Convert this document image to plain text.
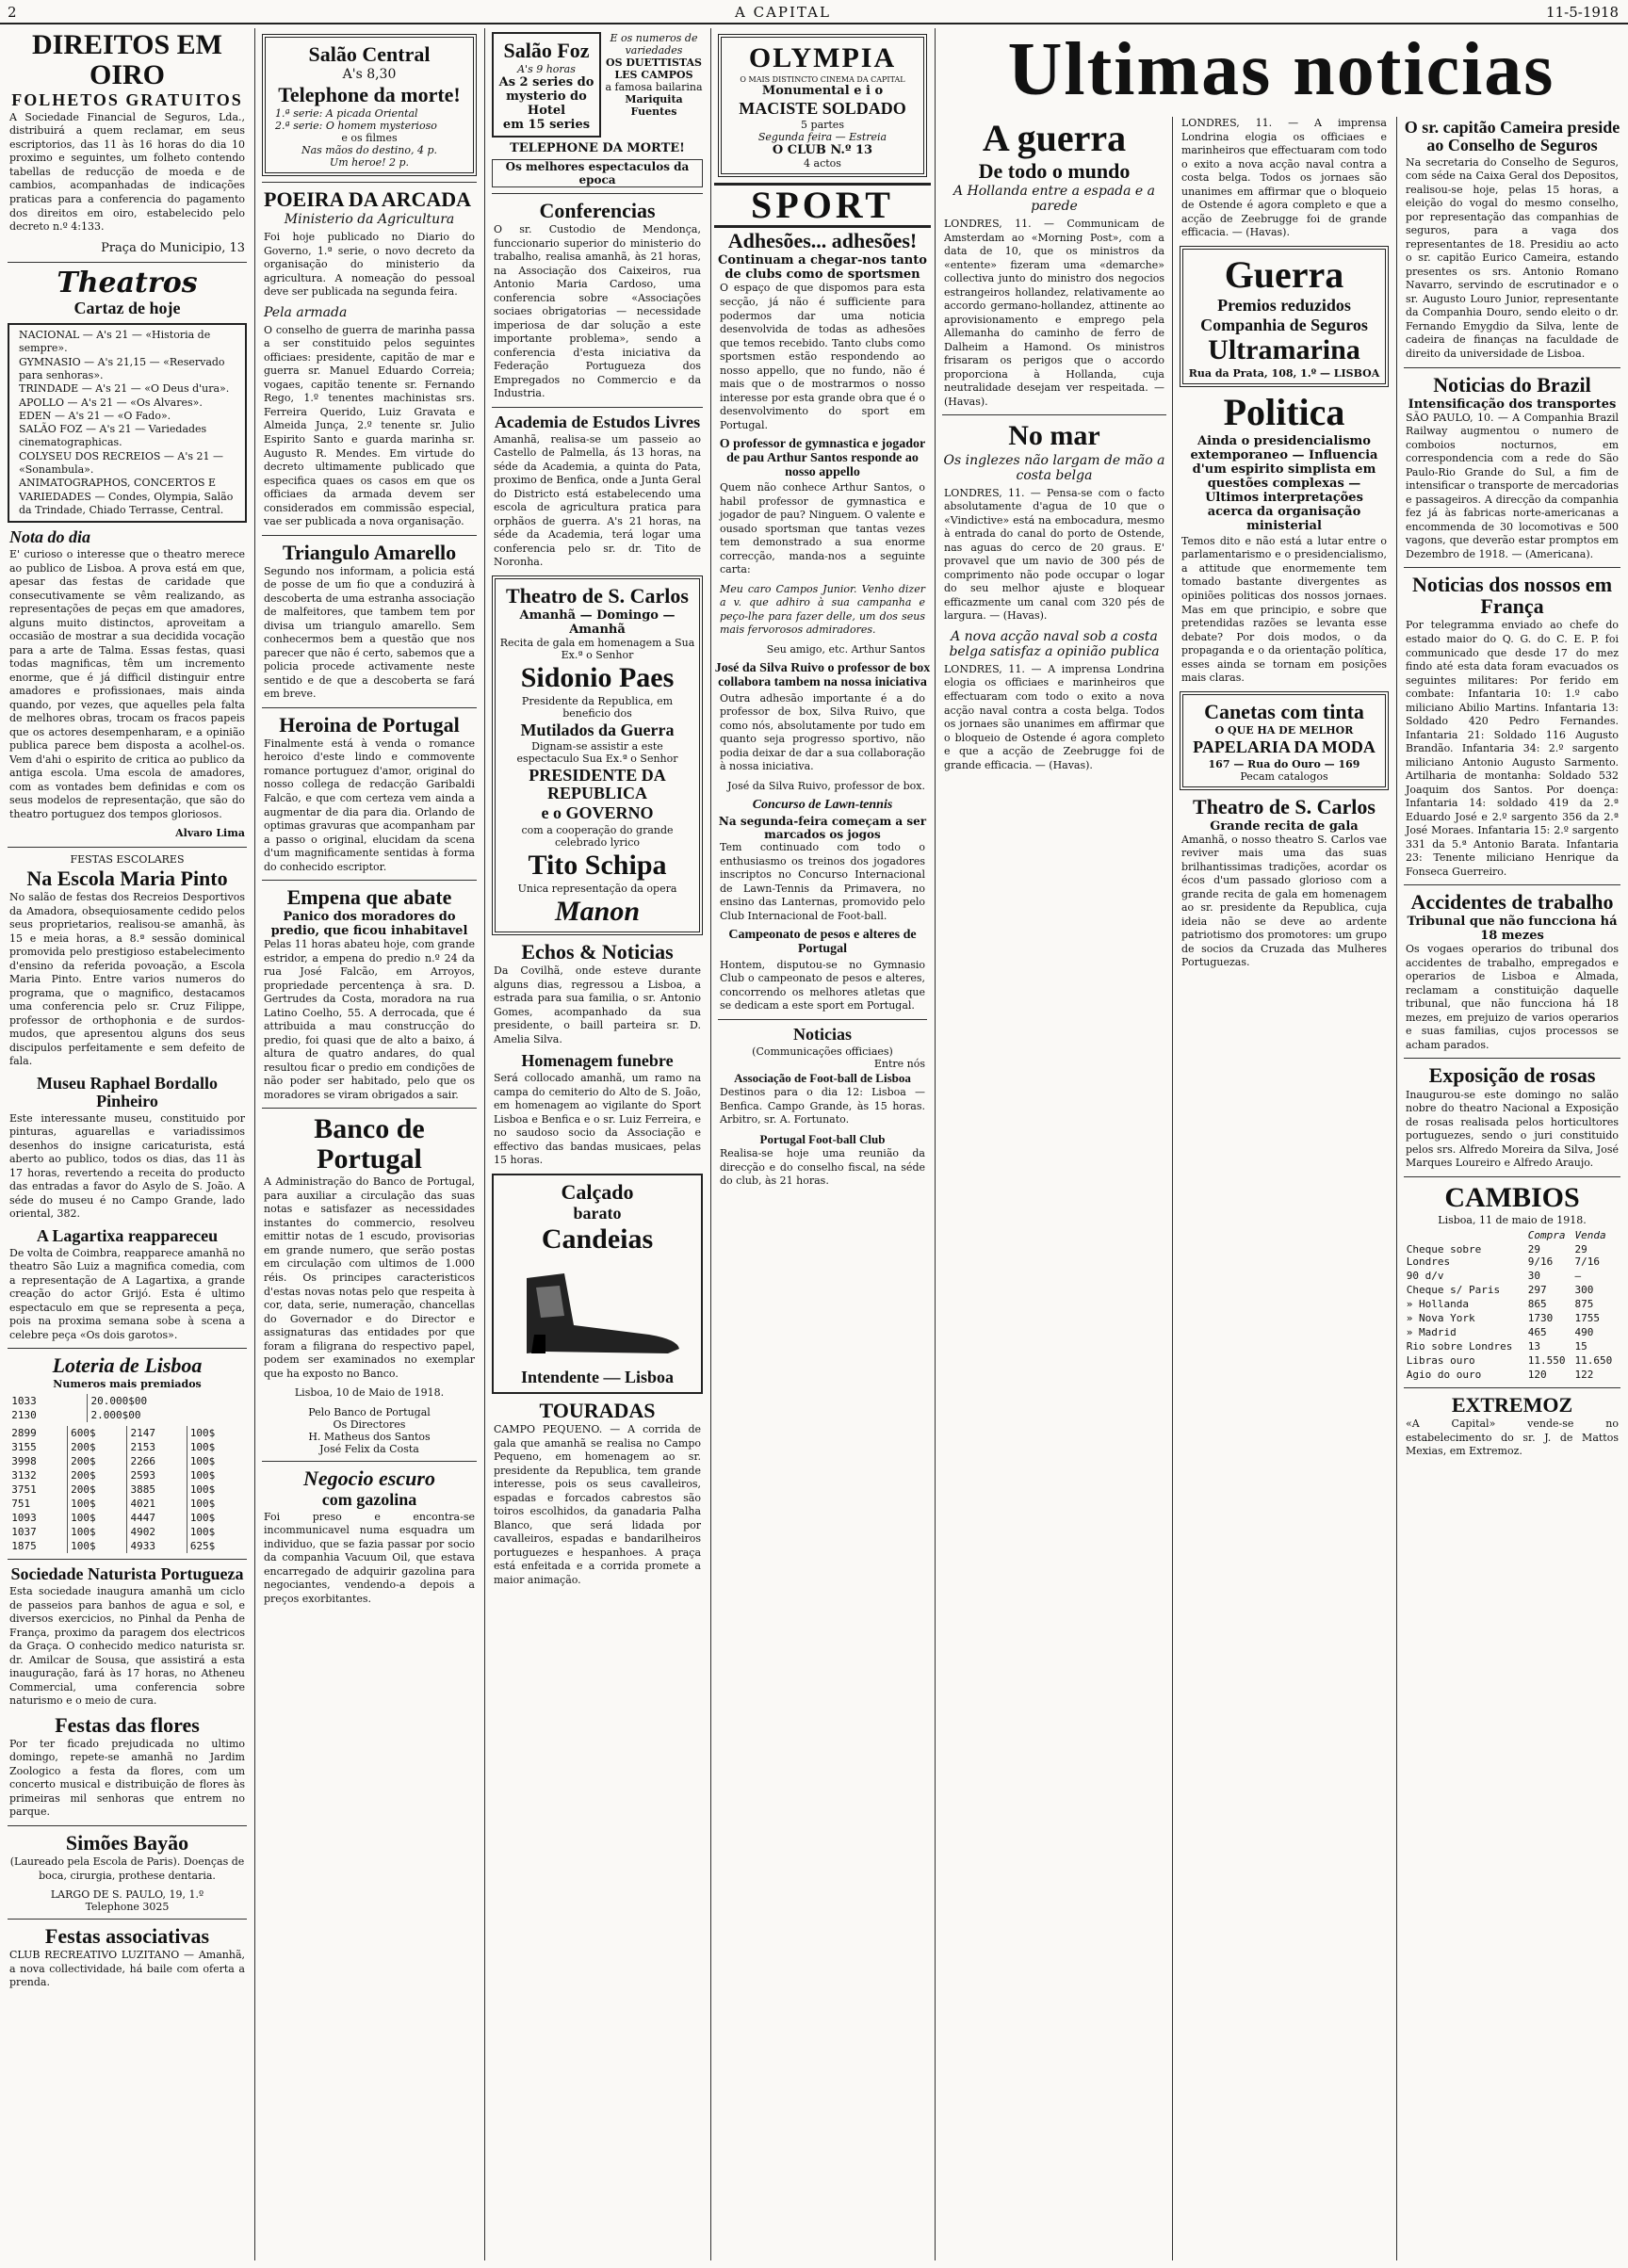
2	A CAPITAL	11-5-1918
DIREITOS EM OIRO
FOLHETOS GRATUITOS
A Sociedade Financial de Seguros, Lda., distribuirá a quem reclamar, em seus escriptorios, das 11 às 16 horas do dia 10 proximo e seguintes, um folheto contendo tabellas de reducção de moeda e de cambios, acompanhadas de indicações praticas para a conferencia do pagamento dos direitos em oiro, estabelecido pelo decreto n.º 4:133.
Praça do Municipio, 13
Theatros
Cartaz de hoje
NACIONAL — A's 21 — «Historia de sempre».
GYMNASIO — A's 21,15 — «Reservado para senhoras».
TRINDADE — A's 21 — «O Deus d'ura».
APOLLO — A's 21 — «Os Alvares».
EDEN — A's 21 — «O Fado».
SALÃO FOZ — A's 21 — Variedades cinematographicas.
COLYSEU DOS RECREIOS — A's 21 — «Sonambula».
ANIMATOGRAPHOS, CONCERTOS E VARIEDADES — Condes, Olympia, Salão da Trindade, Chiado Terrasse, Central.
Nota do dia
E' curioso o interesse que o theatro merece ao publico de Lisboa. A prova está em que, apesar das festas de caridade que consecutivamente se vêm realizando, as representações de peças em que amadores, alguns muito distinctos, aproveitam a occasião de mostrar a sua decidida vocação para a arte de Talma. Essas festas, quasi todas magnificas, têm um incremento enorme, que é já difficil distinguir entre amadores e profissionaes, mais ainda quando, por vezes, que aquelles pela falta de melhores obras, trocam os fracos papeis que os actores desempenharam, e a opinião publica parece bem disposta a acolhel-os. Vem d'ahi o espirito de critica ao publico da antiga escola. Uma escola de amadores, com as vontades bem definidas e com os seus modelos de representação, que são do theatro portuguez dos tempos gloriosos.
Alvaro Lima
FESTAS ESCOLARES
Na Escola Maria Pinto
No salão de festas dos Recreios Desportivos da Amadora, obsequiosamente cedido pelos seus proprietarios, realisou-se amanhã, às 15 e meia horas, a 8.ª sessão dominical promovida pelo prestigioso estabelecimento d'ensino da referida povoação, a Escola Maria Pinto. Entre varios numeros do programa, que o magnifico, destacamos uma conferencia pelo sr. Cruz Filippe, professor de orthophonia e de surdos-mudos, que apresentou alguns dos seus discipulos perfeitamente e sem defeito de fala.
Museu Raphael Bordallo Pinheiro
Este interessante museu, constituido por pinturas, aguarellas e variadissimos desenhos do insigne caricaturista, está aberto ao publico, todos os dias, das 11 às 17 horas, revertendo a receita do producto das entradas a favor do Asylo de S. João. A séde do museu é no Campo Grande, lado oriental, 382.
A Lagartixa reappareceu
De volta de Coimbra, reapparece amanhã no theatro São Luiz a magnifica comedia, com a representação de A Lagartixa, a grande creação do actor Grijó. Esta é ultimo espectaculo em que se representa a peça, pois na proxima semana sobe à scena a celebre peça «Os dois garotos».
Loteria de Lisboa
Numeros mais premiados
1033	20.000$00
2130	2.000$00
2899	600$	2147	100$
3155	200$	2153	100$
3998	200$	2266	100$
3132	200$	2593	100$
3751	200$	3885	100$
751	100$	4021	100$
1093	100$	4447	100$
1037	100$	4902	100$
1875	100$	4933	625$
Sociedade Naturista Portugueza
Esta sociedade inaugura amanhã um ciclo de passeios para banhos de agua e sol, e diversos exercicios, no Pinhal da Penha de França, proximo da paragem dos electricos da Graça. O conhecido medico naturista sr. dr. Amilcar de Sousa, que assistirá a esta inauguração, fará às 17 horas, no Atheneu Commercial, uma conferencia sobre naturismo e o meio de cura.
Festas das flores
Por ter ficado prejudicada no ultimo domingo, repete-se amanhã no Jardim Zoologico a festa da flores, com um concerto musical e distribuição de flores às primeiras mil senhoras que entrem no parque.
Simões Bayão
(Laureado pela Escola de Paris). Doenças de boca, cirurgia, prothese dentaria.
LARGO DE S. PAULO, 19, 1.º
Telephone 3025
Festas associativas
CLUB RECREATIVO LUZITANO — Amanhã, a nova collectividade, há baile com oferta a prenda.
Salão Central
A's 8,30
Telephone da morte!
1.ª serie: A picada Oriental
2.ª serie: O homem mysterioso
e os filmes
Nas mãos do destino, 4 p.
Um heroe! 2 p.
POEIRA DA ARCADA
Ministerio da Agricultura
Foi hoje publicado no Diario do Governo, 1.ª serie, o novo decreto da organisação do ministerio da agricultura. A nomeação do pessoal deve ser publicada na segunda feira.
Pela armada
O conselho de guerra de marinha passa a ser constituido pelos seguintes officiaes: presidente, capitão de mar e guerra sr. Manuel Eduardo Correia; vogaes, capitão tenente sr. Fernando Rego, 1.º tenentes machinistas srs. Ferreira Querido, Luiz Gravata e Almeida Junça, 2.º tenente sr. Julio Espirito Santo e guarda marinha sr. Augusto R. Mendes. Em virtude do decreto ultimamente publicado que especifica quaes os casos em que os officiaes da armada devem ser considerados em commissão especial, vae ser publicada a nova organisação.
Triangulo Amarello
Segundo nos informam, a policia está de posse de um fio que a conduzirá à descoberta de uma estranha associação de malfeitores, que tambem tem por divisa um triangulo amarello. Sem conhecermos bem a questão que nos parecer que não é certo, sabemos que a policia procede activamente neste sentido e de que a descoberta se fará em breve.
Heroina de Portugal
Finalmente está à venda o romance heroico d'este lindo e commovente romance portuguez d'amor, original do nosso collega de redacção Garibaldi Falcão, e que com certeza vem ainda a augmentar de dia para dia. Orlando de optimas gravuras que acompanham par a passo o original, elucidam da scena d'um magnificamente sentidas à forma do conhecido escriptor.
Empena que abate
Panico dos moradores do predio, que ficou inhabitavel
Pelas 11 horas abateu hoje, com grande estridor, a empena do predio n.º 24 da rua José Falcão, em Arroyos, propriedade percentença à sra. D. Gertrudes da Costa, moradora na rua Latino Coelho, 55. A derrocada, que é attribuida a mau construcção do predio, foi quasi que de alto a baixo, á altura de quatro andares, do qual resultou ficar o predio em condições de não poder ser habitado, pelo que os moradores se viram obrigados a sair.
Banco de Portugal
A Administração do Banco de Portugal, para auxiliar a circulação das suas notas e satisfazer as necessidades instantes do commercio, resolveu emittir notas de 1 escudo, provisorias em grande numero, que serão postas em circulação com ultimos de 1.000 réis. Os principes caracteristicos d'estas novas notas pelo que respeita à cor, data, serie, numeração, chancellas do Governador e do Director e assignaturas das entidades por que foram a filigrana do respectivo papel, podem ser examinados no exemplar que ha exposto no Banco.
Lisboa, 10 de Maio de 1918.
Pelo Banco de Portugal
Os Directores
H. Matheus dos Santos
José Felix da Costa
Negocio escuro
com gazolina
Foi preso e encontra-se incommunicavel numa esquadra um individuo, que se fazia passar por socio da companhia Vacuum Oil, que estava encarregado de adquirir gazolina para negociantes, vendendo-a depois a preços exorbitantes.
Salão Foz
A's 9 horas
As 2 series do
mysterio do Hotel
em 15 series
E os numeros de variedades
OS DUETTISTAS
LES CAMPOS
a famosa bailarina
Mariquita Fuentes
TELEPHONE DA MORTE!
Os melhores espectaculos da epoca
Conferencias
O sr. Custodio de Mendonça, funccionario superior do ministerio do trabalho, realisa amanhã, às 21 horas, na Associação dos Caixeiros, rua Antonio Maria Cardoso, uma conferencia sobre «Associações sociaes obrigatorias — necessidade imperiosa de dar solução a este importante problema», sendo a conferencia d'esta iniciativa da Federação Portugueza dos Empregados no Commercio e da Industria.
Academia de Estudos Livres
Amanhã, realisa-se um passeio ao Castello de Palmella, ás 13 horas, na séde da Academia, a quinta do Pata, proximo de Benfica, onde a Junta Geral do Districto está estabelecendo uma escola de agricultura pratica para orphãos de guerra. A's 21 horas, na séde da Academia, terá logar uma conferencia pelo sr. dr. Tito de Noronha.
Theatro de S. Carlos
Amanhã — Domingo — Amanhã
Recita de gala em homenagem a Sua Ex.ª o Senhor
Sidonio Paes
Presidente da Republica, em beneficio dos
Mutilados da Guerra
Dignam-se assistir a este espectaculo Sua Ex.ª o Senhor
PRESIDENTE DA REPUBLICA
e o GOVERNO
com a cooperação do grande celebrado lyrico
Tito Schipa
Unica representação da opera
Manon
Echos & Noticias
Da Covilhã, onde esteve durante alguns dias, regressou a Lisboa, a estrada para sua familia, o sr. Antonio Gomes, acompanhado da sua presidente, o baill parteira sr. D. Amelia Silva.
Homenagem funebre
Será collocado amanhã, um ramo na campa do cemiterio do Alto de S. João, em homenagem ao vigilante do Sport Lisboa e Benfica e o sr. Luiz Ferreira, e no saudoso socio da Associação e effectivo das bandas musicaes, pelas 15 horas.
Calçado
barato
Candeias
Intendente — Lisboa
TOURADAS
CAMPO PEQUENO. — A corrida de gala que amanhã se realisa no Campo Pequeno, em homenagem ao sr. presidente da Republica, tem grande interesse, pois os seus cavalleiros, espadas e forcados cabrestos são toiros escolhidos, da ganadaria Palha Blanco, que será lidada por cavalleiros, espadas e bandarilheiros portuguezes e hespanhoes. A praça está enfeitada e a corrida promete a maior animação.
OLYMPIA
O MAIS DISTINCTO CINEMA DA CAPITAL
Monumental e i o
MACISTE SOLDADO
5 partes
Segunda feira — Estreia
O CLUB N.º 13
4 actos
SPORT
Adhesões... adhesões!
Continuam a chegar-nos tanto de clubs como de sportsmen
O espaço de que dispomos para esta secção, já não é sufficiente para podermos dar uma noticia desenvolvida de todas as adhesões que temos recebido. Tanto clubs como sportsmen estão respondendo ao nosso appello, que no fundo, não é mais que o de mostrarmos o nosso interesse por esta grande obra que é o desenvolvimento do sport em Portugal.
O professor de gymnastica e jogador de pau Arthur Santos responde ao nosso appello
Quem não conhece Arthur Santos, o habil professor de gymnastica e jogador de pau? Ninguem. O valente e ousado sportsman que tantas vezes tem demonstrado a sua enorme correcção, manda-nos a seguinte carta:
Meu caro Campos Junior. Venho dizer a v. que adhiro à sua campanha e peço-lhe para fazer delle, um dos seus mais fervorosos admiradores.
Seu amigo, etc. Arthur Santos
José da Silva Ruivo o professor de box collabora tambem na nossa iniciativa
Outra adhesão importante é a do professor de box, Silva Ruivo, que como nós, absolutamente por tudo em quanto seja progresso sportivo, não podia deixar de dar a sua collaboração à nossa iniciativa.
José da Silva Ruivo, professor de box.
Concurso de Lawn-tennis
Na segunda-feira começam a ser marcados os jogos
Tem continuado com todo o enthusiasmo os treinos dos jogadores inscriptos no Concurso Internacional de Lawn-Tennis da Primavera, no ensino das Lanternas, promovido pelo Club Internacional de Foot-ball.
Campeonato de pesos e alteres de Portugal
Hontem, disputou-se no Gymnasio Club o campeonato de pesos e alteres, concorrendo os melhores atletas que se dedicam a este sport em Portugal.
Noticias
(Communicações officiaes)
Entre nós
Associação de Foot-ball de Lisboa
Destinos para o dia 12: Lisboa — Benfica. Campo Grande, às 15 horas. Arbitro, sr. A. Fortunato.
Portugal Foot-ball Club
Realisa-se hoje uma reunião da direcção e do conselho fiscal, na séde do club, às 21 horas.
Ultimas noticias
A guerra
De todo o mundo
A Hollanda entre a espada e a parede
LONDRES, 11. — Communicam de Amsterdam ao «Morning Post», com a data de 10, que os ministros da «entente» fizeram uma «demarche» collectiva junto do ministro dos negocios estrangeiros hollandez, relativamente ao accordo germano-hollandez, attinente ao aprovisionamento e emprego pela Allemanha do caminho de ferro de Dalheim a Hamond. Os ministros frisaram os perigos que o accordo proporciona à Hollanda, cuja neutralidade desejam ver respeitada. — (Havas).
No mar
Os inglezes não largam de mão a costa belga
LONDRES, 11. — Pensa-se com o facto absolutamente d'agua de 10 que o «Vindictive» está na embocadura, mesmo à entrada do canal do porto de Ostende, nas aguas do cerco de 20 graus. E' provavel que um navio de 300 pés de comprimento não pode occupar o logar do seu melhor ajuste e bloquear efficazmente um canal com 320 pés de largura. — (Havas).
A nova acção naval sob a costa belga satisfaz a opinião publica
LONDRES, 11. — A imprensa Londrina elogia os officiaes e marinheiros que effectuaram com todo o exito a nova acção naval contra a costa belga. Todos os jornaes são unanimes em affirmar que o bloqueio de Ostende é agora completo e que a acção de Zeebrugge foi de grande efficacia. — (Havas).
LONDRES, 11. — A imprensa Londrina elogia os officiaes e marinheiros que effectuaram com todo o exito a nova acção naval contra a costa belga. Todos os jornaes são unanimes em affirmar que o bloqueio de Ostende é agora completo e que a acção de Zeebrugge foi de grande efficacia. — (Havas).
Guerra
Premios reduzidos
Companhia de Seguros
Ultramarina
Rua da Prata, 108, 1.º — LISBOA
Politica
Ainda o presidencialismo extemporaneo — Influencia d'um espirito simplista em questões complexas — Ultimos interpretações acerca da organisação ministerial
Temos dito e não está a lutar entre o parlamentarismo e o presidencialismo, a attitude que enormemente tem tomado bastante divergentes as opiniões politicas dos nossos jornaes. Mas em que principio, e sobre que pretendidas razões se levanta esse debate? Por dois modos, o da propaganda e o da orientação política, esses ainda se tornam em posições mais claras.
Canetas com tinta
O QUE HA DE MELHOR
PAPELARIA DA MODA
167 — Rua do Ouro — 169
Pecam catalogos
Theatro de S. Carlos
Grande recita de gala
Amanhã, o nosso theatro S. Carlos vae reviver mais uma das suas brilhantissimas tradições, acordar os écos d'um passado glorioso com a grande recita de gala em homenagem ao sr. presidente da Republica, cuja ideia não se deve ao ardente patriotismo dos promotores: um grupo de socios da Cruzada das Mulheres Portuguezas.
O sr. capitão Cameira preside ao Conselho de Seguros
Na secretaria do Conselho de Seguros, com séde na Caixa Geral dos Depositos, realisou-se hoje, pelas 15 horas, a eleição do vogal do mesmo conselho, por representação das companhias de seguros, para a vaga dos representantes de 18. Presidiu ao acto o sr. capitão Eurico Cameira, estando presentes os srs. Antonio Romano Navarro, servindo de escrutinador e o sr. Augusto Louro Junior, representante da Companhia Douro, sendo eleito o dr. Fernando Emygdio da Silva, lente de cadeira de finanças na faculdade de direito da universidade de Lisboa.
Noticias do Brazil
Intensificação dos transportes
SÃO PAULO, 10. — A Companhia Brazil Railway augmentou o numero de comboios nocturnos, em correspondencia com a rede do São Paulo-Rio Grande do Sul, a fim de intensificar o transporte de mercadorias e passageiros. A direcção da companhia fez já às fabricas norte-americanas a encommenda de 30 locomotivas e 500 vagons, que deverão estar promptos em Dezembro de 1918. — (Americana).
Noticias dos nossos em França
Por telegramma enviado ao chefe do estado maior do Q. G. do C. E. P. foi communicado que desde 17 do mez findo até esta data foram evacuados os seguintes militares: Por ferido em combate: Infantaria 10: 1.º cabo miliciano Abilio Martins. Infantaria 13: Soldado 420 Pedro Fernandes. Infantaria 21: Soldado 116 Augusto Brandão. Infantaria 34: 2.º sargento miliciano Antonio Augusto Sarmento. Artilharia de montanha: Soldado 532 Joaquim dos Santos. Por doença: Infantaria 14: soldado 419 da 2.ª Eduardo José e 2.º sargento 356 da 2.ª José Moraes. Infantaria 15: 2.º sargento 331 da 5.ª Antonio Barata. Infantaria 23: Tenente miliciano Henrique da Fonseca Guerreiro.
Accidentes de trabalho
Tribunal que não funcciona há 18 mezes
Os vogaes operarios do tribunal dos accidentes de trabalho, empregados e operarios de Lisboa e Almada, reclamam a constituição daquelle tribunal, que não funcciona há 18 mezes, em prejuizo de varios operarios e suas familias, cujos processos se acham parados.
Exposição de rosas
Inaugurou-se este domingo no salão nobre do theatro Nacional a Exposição de rosas realisada pelos horticultores portuguezes, sendo o juri constituido pelos srs. Alfredo Moreira da Silva, José Marques Loureiro e Alfredo Araujo.
CAMBIOS
Lisboa, 11 de maio de 1918.
	Compra	Venda
Cheque sobre Londres	29 9/16	29 7/16
90 d/v	30	—
Cheque s/ Paris	297	300
» Hollanda	865	875
» Nova York	1730	1755
» Madrid	465	490
Rio sobre Londres	13	15
Libras ouro	11.550	11.650
Agio do ouro	120	122
EXTREMOZ
«A Capital» vende-se no estabelecimento do sr. J. de Mattos Mexias, em Extremoz.
